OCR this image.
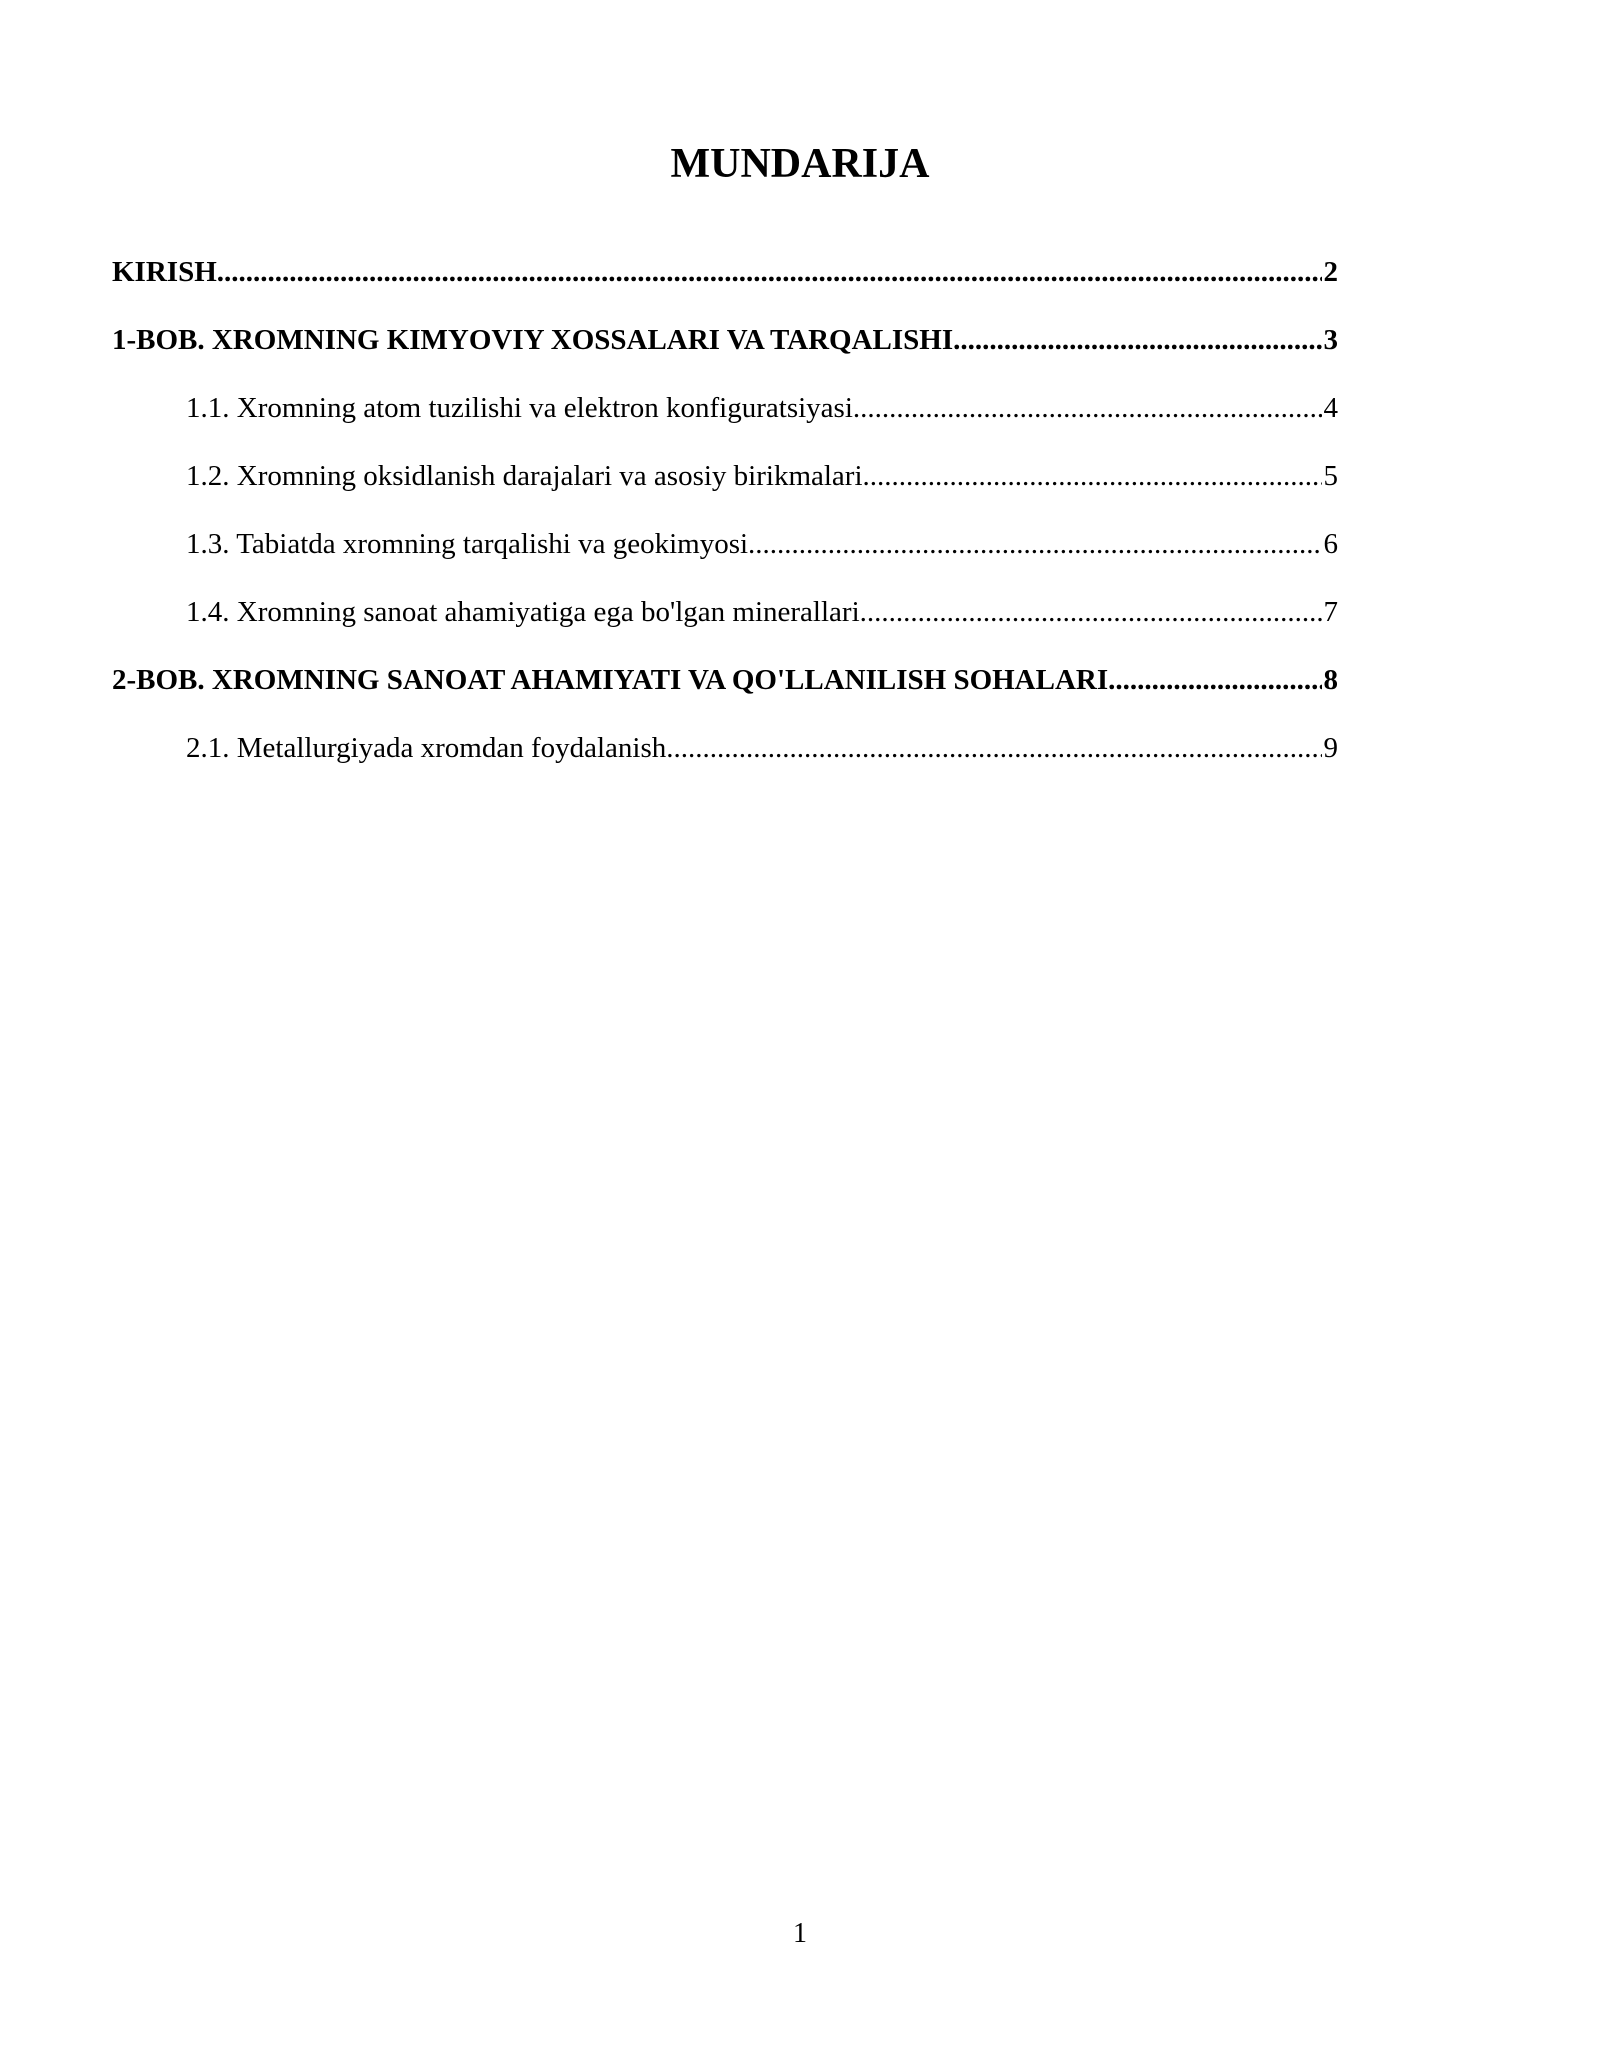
MUNDARIJA
KIRISH .....	2
1-BOB. XROMNING KIMYOVIY XOSSALARI VA TARQALISHI .....	3
1.1. Xromning atom tuzilishi va elektron konfiguratsiyasi .....	4
1.2. Xromning oksidlanish darajalari va asosiy birikmalari .....	5
1.3. Tabiatda xromning tarqalishi va geokimyosi .....	6
1.4. Xromning sanoat ahamiyatiga ega bo'lgan minerallari .....	7
2-BOB. XROMNING SANOAT AHAMIYATI VA QO'LLANILISH SOHALARI .....	8
2.1. Metallurgiyada xromdan foydalanish .....	9
1
